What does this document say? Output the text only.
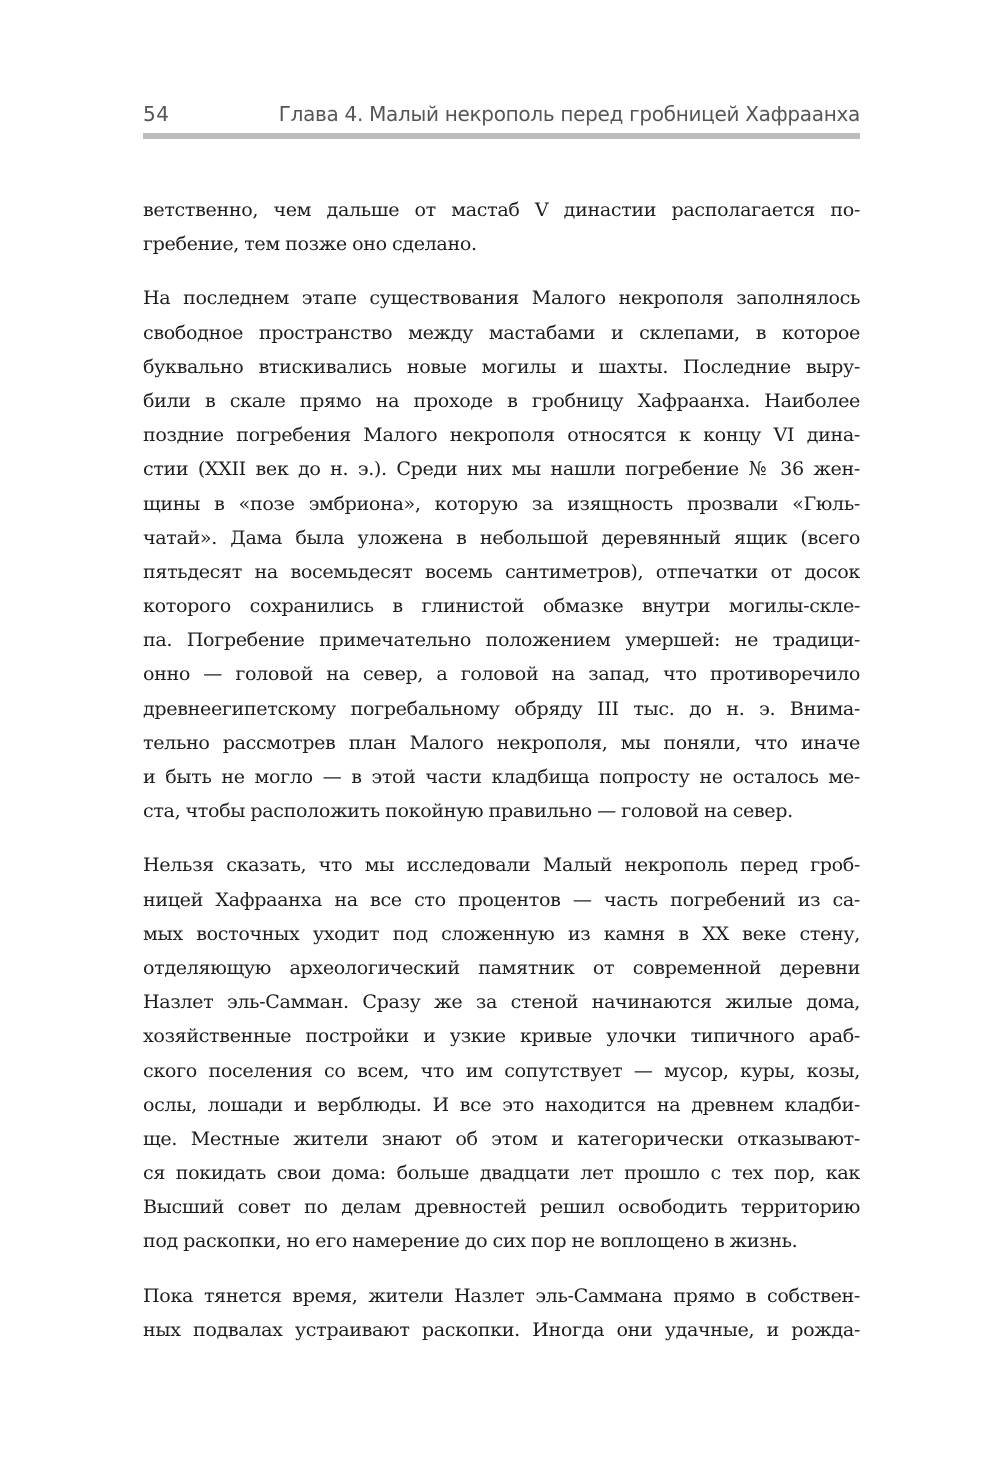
54	Глава 4. Малый некрополь перед гробницей Хафраанха
ветственно, чем дальше от мастаб V династии располагается по-
гребение, тем позже оно сделано.
На последнем этапе существования Малого некрополя заполнялось
свободное пространство между мастабами и склепами, в которое
буквально втискивались новые могилы и шахты. Последние выру-
били в скале прямо на проходе в гробницу Хафраанха. Наиболее
поздние погребения Малого некрополя относятся к концу VI дина-
стии (XXII век до н. э.). Среди них мы нашли погребение № 36 жен-
щины в «позе эмбриона», которую за изящность прозвали «Гюль-
чатай». Дама была уложена в небольшой деревянный ящик (всего
пятьдесят на восемьдесят восемь сантиметров), отпечатки от досок
которого сохранились в глинистой обмазке внутри могилы-скле-
па. Погребение примечательно положением умершей: не традици-
онно — головой на север, а головой на запад, что противоречило
древнеегипетскому погребальному обряду III тыс. до н. э. Внима-
тельно рассмотрев план Малого некрополя, мы поняли, что иначе
и быть не могло — в этой части кладбища попросту не осталось ме-
ста, чтобы расположить покойную правильно — головой на север.
Нельзя сказать, что мы исследовали Малый некрополь перед гроб-
ницей Хафраанха на все сто процентов — часть погребений из са-
мых восточных уходит под сложенную из камня в XX веке стену,
отделяющую археологический памятник от современной деревни
Назлет эль-Самман. Сразу же за стеной начинаются жилые дома,
хозяйственные постройки и узкие кривые улочки типичного араб-
ского поселения со всем, что им сопутствует — мусор, куры, козы,
ослы, лошади и верблюды. И все это находится на древнем кладби-
ще. Местные жители знают об этом и категорически отказывают-
ся покидать свои дома: больше двадцати лет прошло с тех пор, как
Высший совет по делам древностей решил освободить территорию
под раскопки, но его намерение до сих пор не воплощено в жизнь.
Пока тянется время, жители Назлет эль-Саммана прямо в собствен-
ных подвалах устраивают раскопки. Иногда они удачные, и рожда-
